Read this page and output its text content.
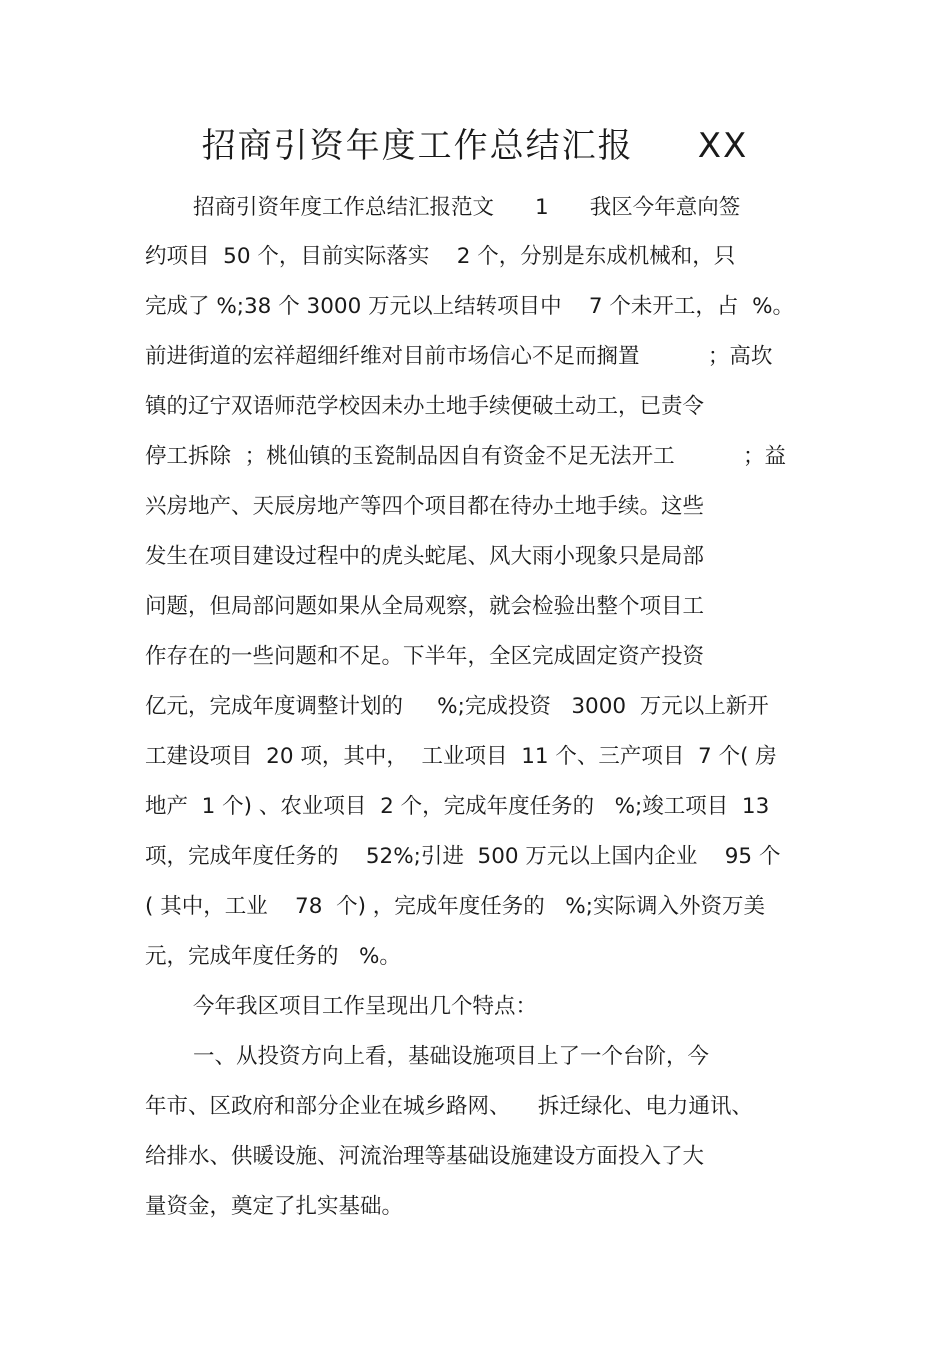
招商引资年度工作总结汇报     XX
招商引资年度工作总结汇报范文      1      我区今年意向签
约项目  50 个，目前实际落实    2 个，分别是东成机械和，只
完成了 %;38 个 3000 万元以上结转项目中    7 个未开工，占  %。
前进街道的宏祥超细纤维对目前市场信心不足而搁置          ；高坎
镇的辽宁双语师范学校因未办土地手续便破土动工，已责令
停工拆除  ；桃仙镇的玉瓷制品因自有资金不足无法开工          ；益
兴房地产、天辰房地产等四个项目都在待办土地手续。这些
发生在项目建设过程中的虎头蛇尾、风大雨小现象只是局部
问题，但局部问题如果从全局观察，就会检验出整个项目工
作存在的一些问题和不足。下半年，全区完成固定资产投资
亿元，完成年度调整计划的     %;完成投资   3000  万元以上新开
工建设项目  20 项，其中，  工业项目  11 个、三产项目  7 个( 房
地产  1 个) 、农业项目  2 个，完成年度任务的   %;竣工项目  13
项，完成年度任务的    52%;引进  500 万元以上国内企业    95 个
( 其中，工业    78  个) ，完成年度任务的   %;实际调入外资万美
元，完成年度任务的   %。
今年我区项目工作呈现出几个特点：
一、从投资方向上看，基础设施项目上了一个台阶，今
年市、区政府和部分企业在城乡路网、    拆迁绿化、电力通讯、
给排水、供暖设施、河流治理等基础设施建设方面投入了大
量资金，奠定了扎实基础。
